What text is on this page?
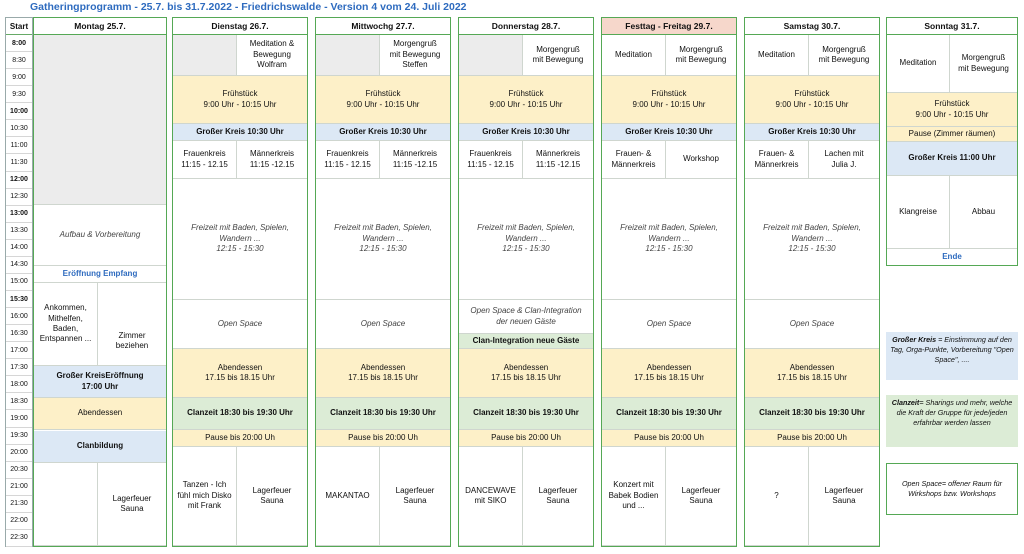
Gatheringprogramm - 25.7. bis 31.7.2022 - Friedrichswalde - Version 4 vom 24. Juli 2022
Start
8:00
8:30
9:00
9:30
10:00
10:30
11:00
11:30
12:00
12:30
13:00
13:30
14:00
14:30
15:00
15:30
16:00
16:30
17:00
17:30
18:00
18:30
19:00
19:30
20:00
20:30
21:00
21:30
22:00
22:30
Montag 25.7.
Aufbau & Vorbereitung
Eröffnung Empfang
Ankommen,
Mithelfen,
Baden,
Entspannen ...	Zimmer
beziehen
Großer KreisEröffnung
17:00 Uhr
Abendessen
Clanbildung
Lagerfeuer
Sauna
Dienstag 26.7.
Meditation &
Bewegung
Wolfram
Frühstück
9:00 Uhr - 10:15 Uhr
Großer Kreis 10:30 Uhr
Frauenkreis
11:15 - 12.15
Männerkreis
11:15 -12.15
Freizeit mit Baden, Spielen,
Wandern ...
12:15 - 15:30
Open Space
Abendessen
17.15 bis 18.15 Uhr
Clanzeit 18:30 bis 19:30 Uhr
Pause bis 20:00 Uh
Tanzen - Ich
fühl mich Disko
mit Frank
Lagerfeuer
Sauna
Mittwochg 27.7.
Morgengruß
mit Bewegung
Steffen
Frühstück
9:00 Uhr - 10:15 Uhr
Großer Kreis 10:30 Uhr
Frauenkreis
11:15 - 12.15
Männerkreis
11:15 -12.15
Freizeit mit Baden, Spielen,
Wandern ...
12:15 - 15:30
Open Space
Abendessen
17.15 bis 18.15 Uhr
Clanzeit 18:30 bis 19:30 Uhr
Pause bis 20:00 Uh
MAKANTAO
Lagerfeuer
Sauna
Donnerstag 28.7.
Morgengruß
mit Bewegung
Frühstück
9:00 Uhr - 10:15 Uhr
Großer Kreis 10:30 Uhr
Frauenkreis
11:15 - 12.15
Männerkreis
11:15 -12.15
Freizeit mit Baden, Spielen,
Wandern ...
12:15 - 15:30
Open Space & Clan-Integration
der neuen Gäste
Clan-Integration neue Gäste
Abendessen
17.15 bis 18.15 Uhr
Clanzeit 18:30 bis 19:30 Uhr
Pause bis 20:00 Uh
DANCEWAVE
mit SIKO
Lagerfeuer
Sauna
Festtag - Freitag 29.7.
Meditation
Morgengruß
mit Bewegung
Frühstück
9:00 Uhr - 10:15 Uhr
Großer Kreis 10:30 Uhr
Frauen- &
Männerkreis
Workshop
Freizeit mit Baden, Spielen,
Wandern ...
12:15 - 15:30
Open Space
Abendessen
17.15 bis 18.15 Uhr
Clanzeit 18:30 bis 19:30 Uhr
Pause bis 20:00 Uh
Konzert mit
Babek Bodien
und ...
Lagerfeuer
Sauna
Samstag 30.7.
Meditation
Morgengruß
mit Bewegung
Frühstück
9:00 Uhr - 10:15 Uhr
Großer Kreis 10:30 Uhr
Frauen- &
Männerkreis
Lachen mit
Julia J.
Freizeit mit Baden, Spielen,
Wandern ...
12:15 - 15:30
Open Space
Abendessen
17.15 bis 18.15 Uhr
Clanzeit 18:30 bis 19:30 Uhr
Pause bis 20:00 Uh
?
Lagerfeuer
Sauna
Sonntag 31.7.
Meditation
Morgengruß
mit Bewegung
Frühstück
9:00 Uhr - 10:15 Uhr
Pause (Zimmer räumen)
Großer Kreis 11:00 Uhr
Klangreise	Abbau
Ende
Großer Kreis = Einstimmung auf den Tag, Orga-Punkte, Vorbereitung "Open Space", ....
Clanzeit= Sharings und mehr, welche die Kraft der Gruppe für jede/jeden erfahrbar werden lassen
Open Space= offener Raum für Wirkshops bzw. Workshops
